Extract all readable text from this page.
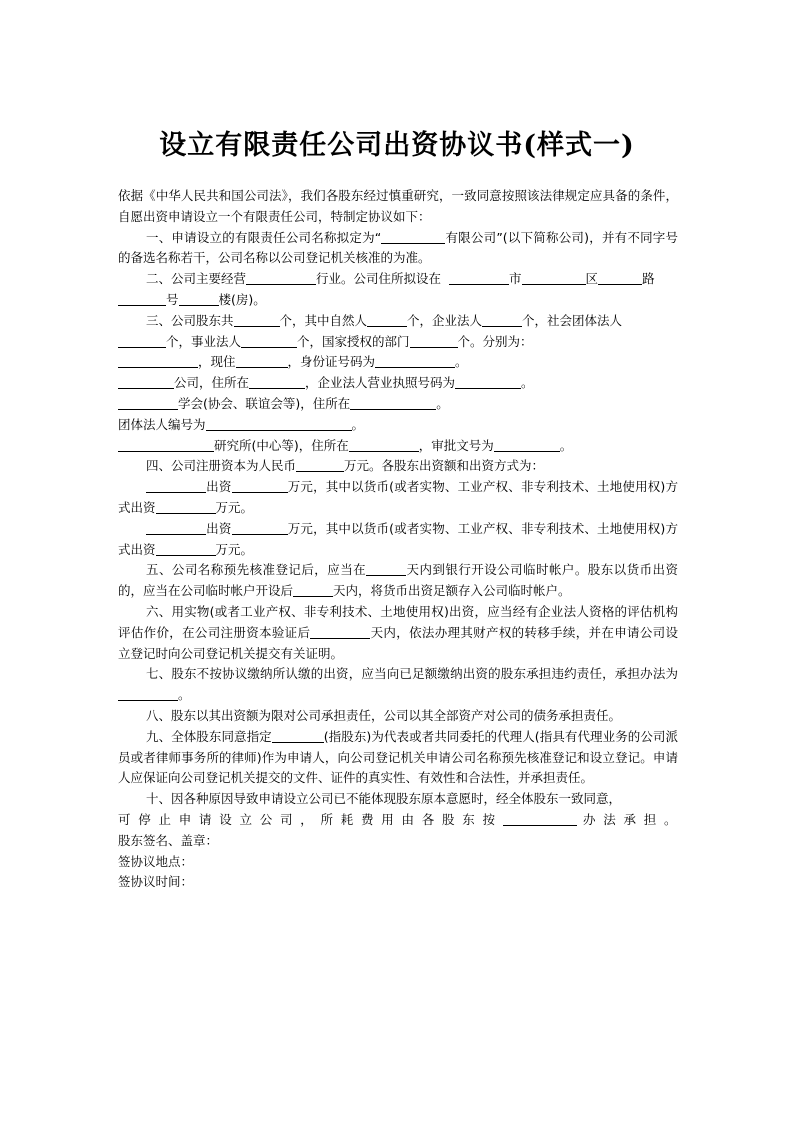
设立有限责任公司出资协议书(样式一)

依据《中华人民共和国公司法》，我们各股东经过慎重研究，一致同意按照该法律规定应具备的条件，自愿出资申请设立一个有限责任公司，特制定协议如下：

一、申请设立的有限责任公司名称拟定为“	有限公司”(以下简称公司)，并有不同字号的备选名称若干，公司名称以公司登记机关核准的为准。

二、公司主要经营	行业。公司住所拟设在	市	区	路
号	楼(房)。

三、公司股东共	个，其中自然人	个，企业法人	个，社会团体法人
个，事业法人	个，国家授权的部门	个。分别为：

，现住	，身份证号码为	。

公司，住所在	，企业法人营业执照号码为	。

学会(协会、联谊会等)，住所在	。

团体法人编号为	。

研究所(中心等)，住所在	，审批文号为	。

四、公司注册资本为人民币	万元。各股东出资额和出资方式为：

出资	万元，其中以货币(或者实物、工业产权、非专利技术、土地使用权)方式出资	万元。

出资	万元，其中以货币(或者实物、工业产权、非专利技术、土地使用权)方式出资	万元。

五、公司名称预先核准登记后，应当在	天内到银行开设公司临时帐户。股东以货币出资的，应当在公司临时帐户开设后	天内，将货币出资足额存入公司临时帐户。

六、用实物(或者工业产权、非专利技术、土地使用权)出资，应当经有企业法人资格的评估机构评估作价，在公司注册资本验证后	天内，依法办理其财产权的转移手续，并在申请公司设立登记时向公司登记机关提交有关证明。

七、股东不按协议缴纳所认缴的出资，应当向已足额缴纳出资的股东承担违约责任，承担办法为。

八、股东以其出资额为限对公司承担责任，公司以其全部资产对公司的债务承担责任。

九、全体股东同意指定	(指股东)为代表或者共同委托的代理人(指具有代理业务的公司派员或者律师事务所的律师)作为申请人，向公司登记机关申请公司名称预先核准登记和设立登记。申请人应保证向公司登记机关提交的文件、证件的真实性、有效性和合法性，并承担责任。

十、因各种原因导致申请设立公司已不能体现股东原本意愿时，经全体股东一致同意，

可停止申请设立公司，所耗费用由各股东按	办法承担。

股东签名、盖章：

签协议地点：

签协议时间：
